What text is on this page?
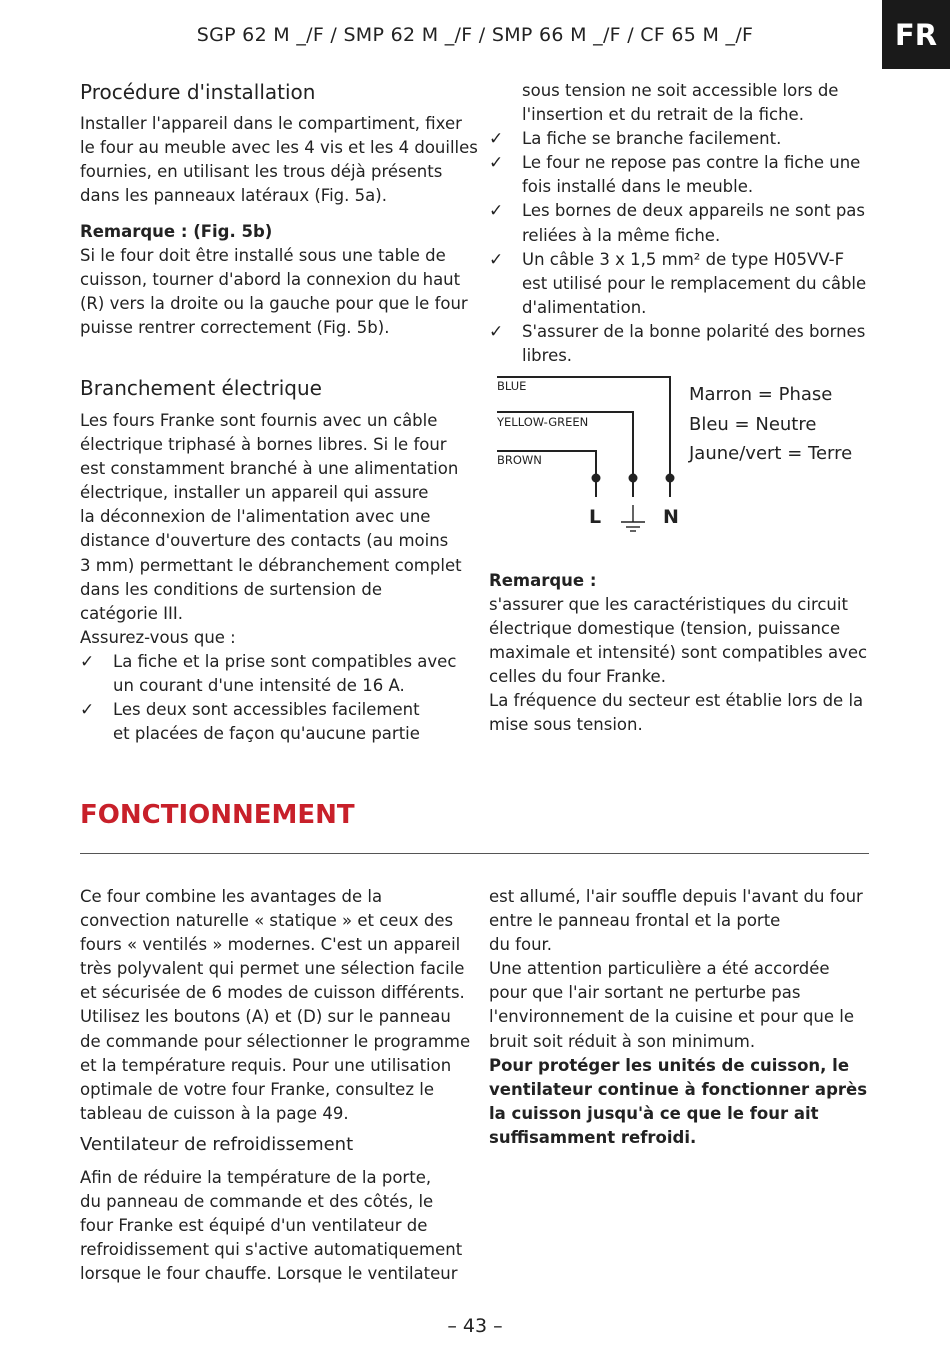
SGP 62 M _/F / SMP 62 M _/F / SMP 66 M _/F / CF 65 M _/F	FR
Procédure d'installation
Installer l'appareil dans le compartiment, fixer
le four au meuble avec les 4 vis et les 4 douilles
fournies, en utilisant les trous déjà présents
dans les panneaux latéraux (Fig. 5a).
Remarque : (Fig. 5b)
Si le four doit être installé sous une table de
cuisson, tourner d'abord la connexion du haut
(R) vers la droite ou la gauche pour que le four
puisse rentrer correctement (Fig. 5b).
Branchement électrique
Les fours Franke sont fournis avec un câble
électrique triphasé à bornes libres. Si le four
est constamment branché à une alimentation
électrique, installer un appareil qui assure
la déconnexion de l'alimentation avec une
distance d'ouverture des contacts (au moins
3 mm) permettant le débranchement complet
dans les conditions de surtension de
catégorie III.
Assurez-vous que :
✓ La fiche et la prise sont compatibles avec
un courant d'une intensité de 16 A.
✓ Les deux sont accessibles facilement
et placées de façon qu'aucune partie
sous tension ne soit accessible lors de
l'insertion et du retrait de la fiche.
✓ La fiche se branche facilement.
✓ Le four ne repose pas contre la fiche une
fois installé dans le meuble.
✓ Les bornes de deux appareils ne sont pas
reliées à la même fiche.
✓ Un câble 3 x 1,5 mm² de type H05VV-F
est utilisé pour le remplacement du câble
d'alimentation.
✓ S'assurer de la bonne polarité des bornes
libres.
BLUE
YELLOW-GREEN
BROWN
L	N
Marron = Phase
Bleu = Neutre
Jaune/vert = Terre
Remarque :
s'assurer que les caractéristiques du circuit
électrique domestique (tension, puissance
maximale et intensité) sont compatibles avec
celles du four Franke.
La fréquence du secteur est établie lors de la
mise sous tension.
FONCTIONNEMENT
Ce four combine les avantages de la
convection naturelle « statique » et ceux des
fours « ventilés » modernes. C'est un appareil
très polyvalent qui permet une sélection facile
et sécurisée de 6 modes de cuisson différents.
Utilisez les boutons (A) et (D) sur le panneau
de commande pour sélectionner le programme
et la température requis. Pour une utilisation
optimale de votre four Franke, consultez le
tableau de cuisson à la page 49.
Ventilateur de refroidissement
Afin de réduire la température de la porte,
du panneau de commande et des côtés, le
four Franke est équipé d'un ventilateur de
refroidissement qui s'active automatiquement
lorsque le four chauffe. Lorsque le ventilateur
est allumé, l'air souffle depuis l'avant du four
entre le panneau frontal et la porte
du four.
Une attention particulière a été accordée
pour que l'air sortant ne perturbe pas
l'environnement de la cuisine et pour que le
bruit soit réduit à son minimum.
Pour protéger les unités de cuisson, le
ventilateur continue à fonctionner après
la cuisson jusqu'à ce que le four ait
suffisamment refroidi.
– 43 –
